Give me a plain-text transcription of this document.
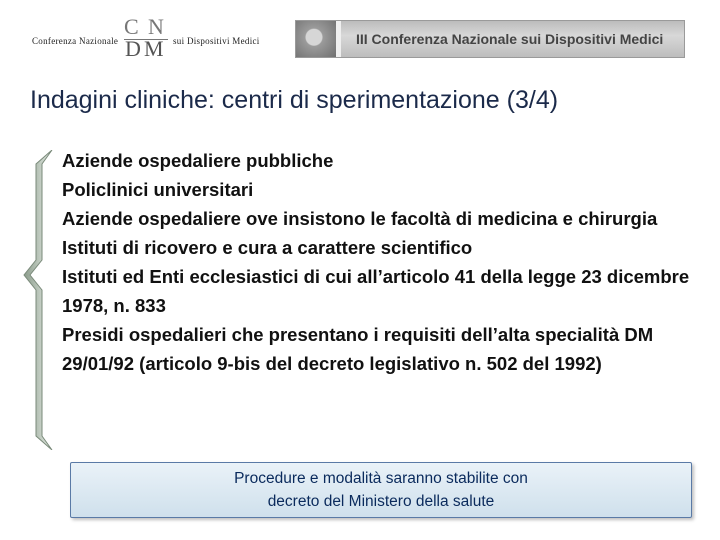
Conferenza Nazionale
C N
D M sui Dispositivi Medici	III Conferenza Nazionale sui Dispositivi Medici
Indagini cliniche: centri di sperimentazione (3/4)
Aziende ospedaliere pubbliche
Policlinici universitari
Aziende ospedaliere ove insistono le facoltà di medicina e chirurgia
Istituti di ricovero e cura a carattere scientifico
Istituti ed Enti ecclesiastici di cui all’articolo 41 della legge 23 dicembre 1978, n. 833
Presidi ospedalieri che presentano i requisiti dell’alta specialità DM 29/01/92 (articolo 9-bis del decreto legislativo n. 502 del 1992)
Procedure e modalità saranno stabilite con
decreto del Ministero della salute
